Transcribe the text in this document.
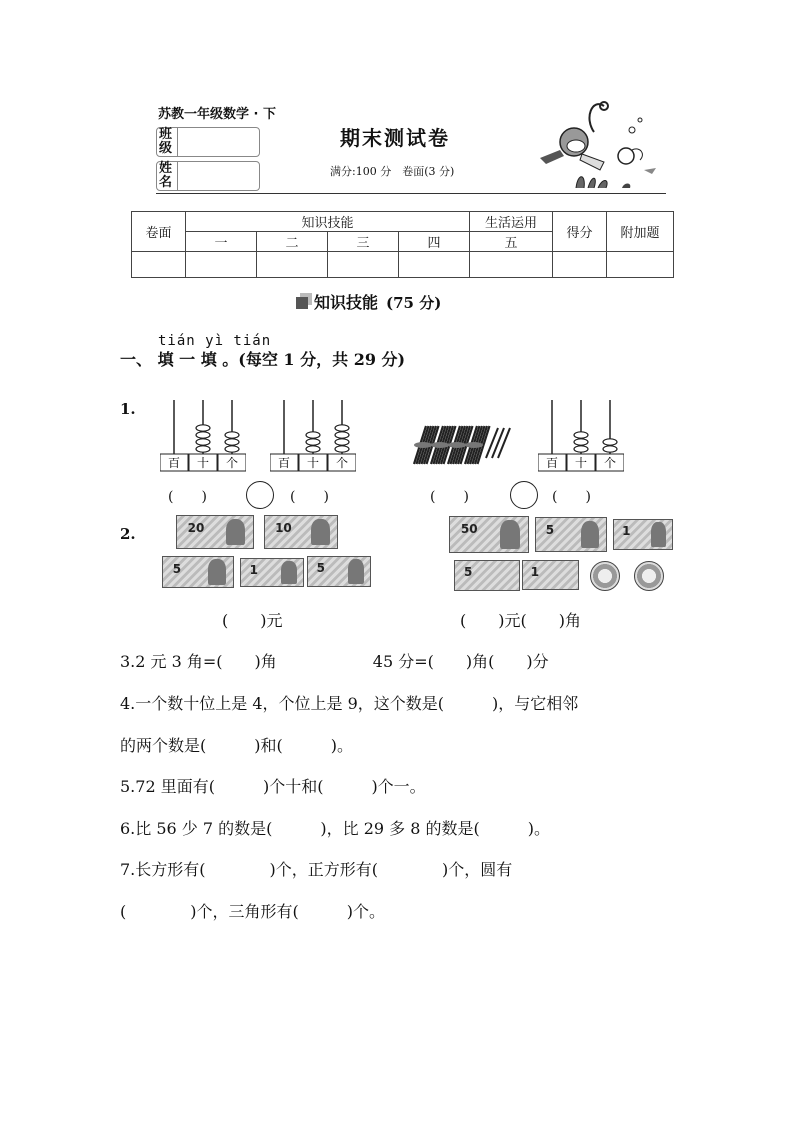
苏教一年级数学 · 下
班级
姓名
期末测试卷
满分:100 分　卷面(3 分)
卷面	知识技能				生活运用	得分	附加题
	一	二	三	四	五		

知识技能 (75 分)
tián yì tián
一、 填 一 填 。(每空 1 分，共 29 分)
1.
百 十 个	百 十 个	百 十 个
(　　)	(　　)	(　　)	(　　)
2.	20	10
5	1	5
50	5	1
5	1
(　　)元	(　　)元(　　)角
3.2 元 3 角=(　　)角　　　　　　45 分=(　　)角(　　)分
4.一个数十位上是 4，个位上是 9，这个数是(　　　)，与它相邻
的两个数是(　　　)和(　　　)。
5.72 里面有(　　　)个十和(　　　)个一。
6.比 56 少 7 的数是(　　　)，比 29 多 8 的数是(　　　)。
7.长方形有(　　　　)个，正方形有(　　　　)个，圆有
(　　　　)个，三角形有(　　　)个。
